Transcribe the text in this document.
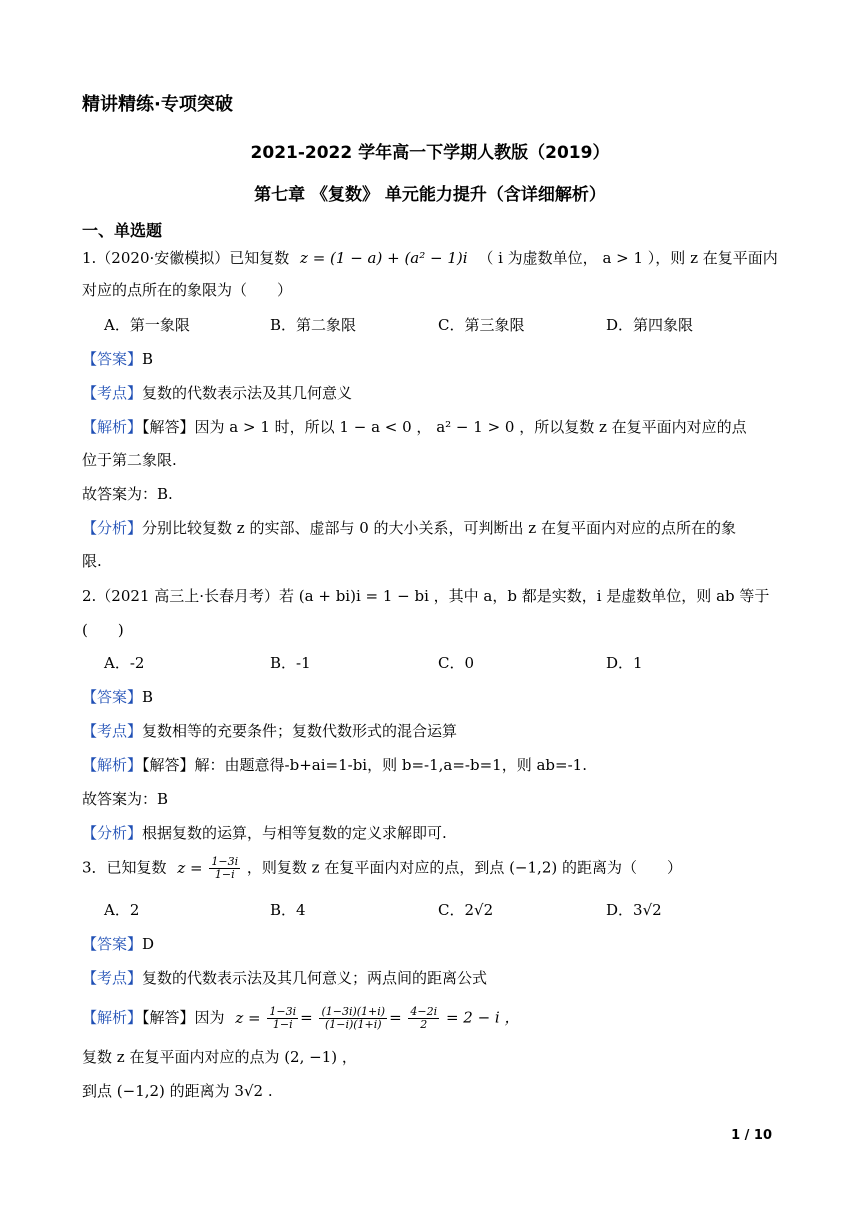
精讲精练·专项突破
2021-2022 学年高一下学期人教版（2019）
第七章 《复数》 单元能力提升（含详细解析）
一、单选题
1.（2020·安徽模拟）已知复数 z = (1 − a) + (a² − 1)i （ i 为虚数单位， a > 1 ），则 z 在复平面内
对应的点所在的象限为（　　）
A．第一象限	B．第二象限	C．第三象限	D．第四象限
【答案】B
【考点】复数的代数表示法及其几何意义
【解析】【解答】因为 a > 1 时，所以 1 − a < 0 ， a² − 1 > 0 ，所以复数 z 在复平面内对应的点
位于第二象限.
故答案为：B.
【分析】分别比较复数 z 的实部、虚部与 0 的大小关系，可判断出 z 在复平面内对应的点所在的象
限.
2.（2021 高三上·长春月考）若 (a + bi)i = 1 − bi ，其中 a，b 都是实数，i 是虚数单位，则 ab 等于
(　　)
A．-2	B．-1	C．0	D．1
【答案】B
【考点】复数相等的充要条件；复数代数形式的混合运算
【解析】【解答】解：由题意得-b+ai=1-bi，则 b=-1,a=-b=1，则 ab=-1.
故答案为：B
【分析】根据复数的运算，与相等复数的定义求解即可.
3．已知复数 $z = \frac{1-3i}{1-i}$ ，则复数 z 在复平面内对应的点，到点 (−1,2) 的距离为（　　）
A．2	B．4	C．2√2	D．3√2
【答案】D
【考点】复数的代数表示法及其几何意义；两点间的距离公式
【解析】【解答】因为 $z = \frac{1-3i}{1-i} = \frac{(1-3i)(1+i)}{(1-i)(1+i)} = \frac{4-2i}{2} = 2 - i$ ，
复数 z 在复平面内对应的点为 (2, −1) ，
到点 (−1,2) 的距离为 3√2 .
1 / 10
